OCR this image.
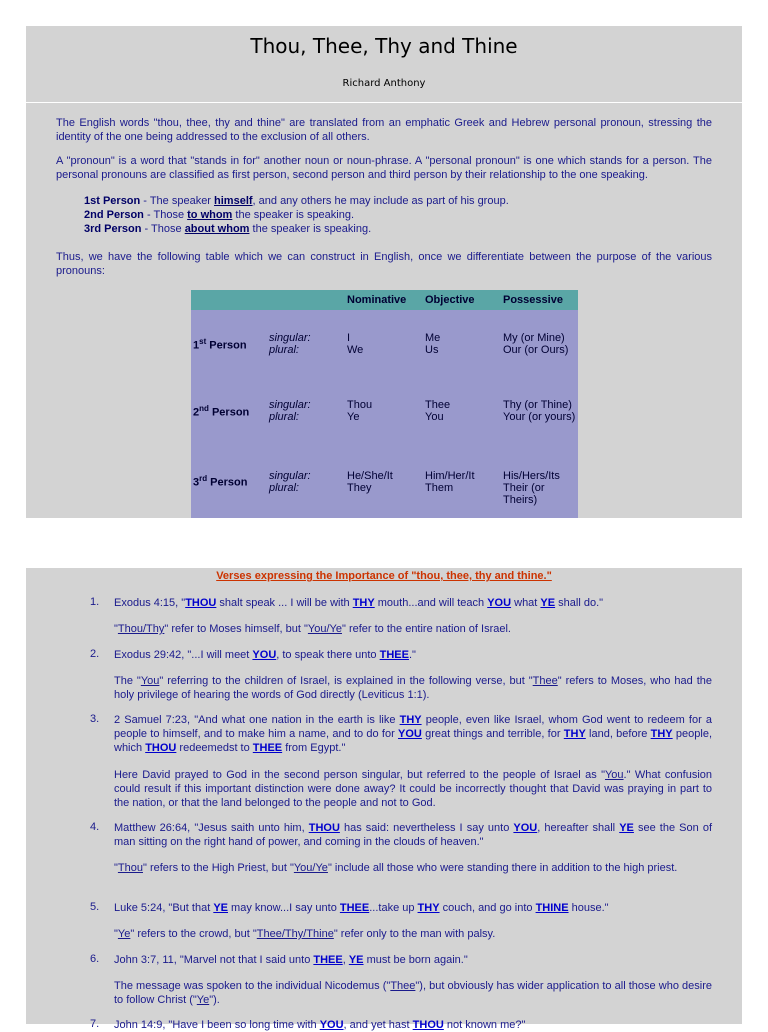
Thou, Thee, Thy and Thine
Richard Anthony
The English words "thou, thee, thy and thine" are translated from an emphatic Greek and Hebrew personal pronoun, stressing the identity of the one being addressed to the exclusion of all others.
A "pronoun" is a word that "stands in for" another noun or noun-phrase. A "personal pronoun" is one which stands for a person. The personal pronouns are classified as first person, second person and third person by their relationship to the one speaking.
1st Person - The speaker himself, and any others he may include as part of his group.
2nd Person - Those to whom the speaker is speaking.
3rd Person - Those about whom the speaker is speaking.
Thus, we have the following table which we can construct in English, once we differentiate between the purpose of the various pronouns:
		Nominative	Objective	Possessive
1st Person	singular:	I	Me	My (or Mine)
	plural:	We	Us	Our (or Ours)
2nd Person	singular:	Thou	Thee	Thy (or Thine)
	plural:	Ye	You	Your (or yours)
3rd Person	singular:	He/She/It	Him/Her/It	His/Hers/Its
	plural:	They	Them	Their (or Theirs)
Verses expressing the Importance of "thou, thee, thy and thine."
1. Exodus 4:15, "THOU shalt speak ... I will be with THY mouth...and will teach YOU what YE shall do."
"Thou/Thy" refer to Moses himself, but "You/Ye" refer to the entire nation of Israel.
2. Exodus 29:42, "...I will meet YOU, to speak there unto THEE."
The "You" referring to the children of Israel, is explained in the following verse, but "Thee" refers to Moses, who had the holy privilege of hearing the words of God directly (Leviticus 1:1).
3. 2 Samuel 7:23, "And what one nation in the earth is like THY people, even like Israel, whom God went to redeem for a people to himself, and to make him a name, and to do for YOU great things and terrible, for THY land, before THY people, which THOU redeemedst to THEE from Egypt."
Here David prayed to God in the second person singular, but referred to the people of Israel as "You." What confusion could result if this important distinction were done away? It could be incorrectly thought that David was praying in part to the nation, or that the land belonged to the people and not to God.
4. Matthew 26:64, "Jesus saith unto him, THOU has said: nevertheless I say unto YOU, hereafter shall YE see the Son of man sitting on the right hand of power, and coming in the clouds of heaven."
"Thou" refers to the High Priest, but "You/Ye" include all those who were standing there in addition to the high priest.
5. Luke 5:24, "But that YE may know...I say unto THEE...take up THY couch, and go into THINE house."
"Ye" refers to the crowd, but "Thee/Thy/Thine" refer only to the man with palsy.
6. John 3:7, 11, "Marvel not that I said unto THEE, YE must be born again."
The message was spoken to the individual Nicodemus ("Thee"), but obviously has wider application to all those who desire to follow Christ ("Ye").
7. John 14:9, "Have I been so long time with YOU, and yet hast THOU not known me?"
